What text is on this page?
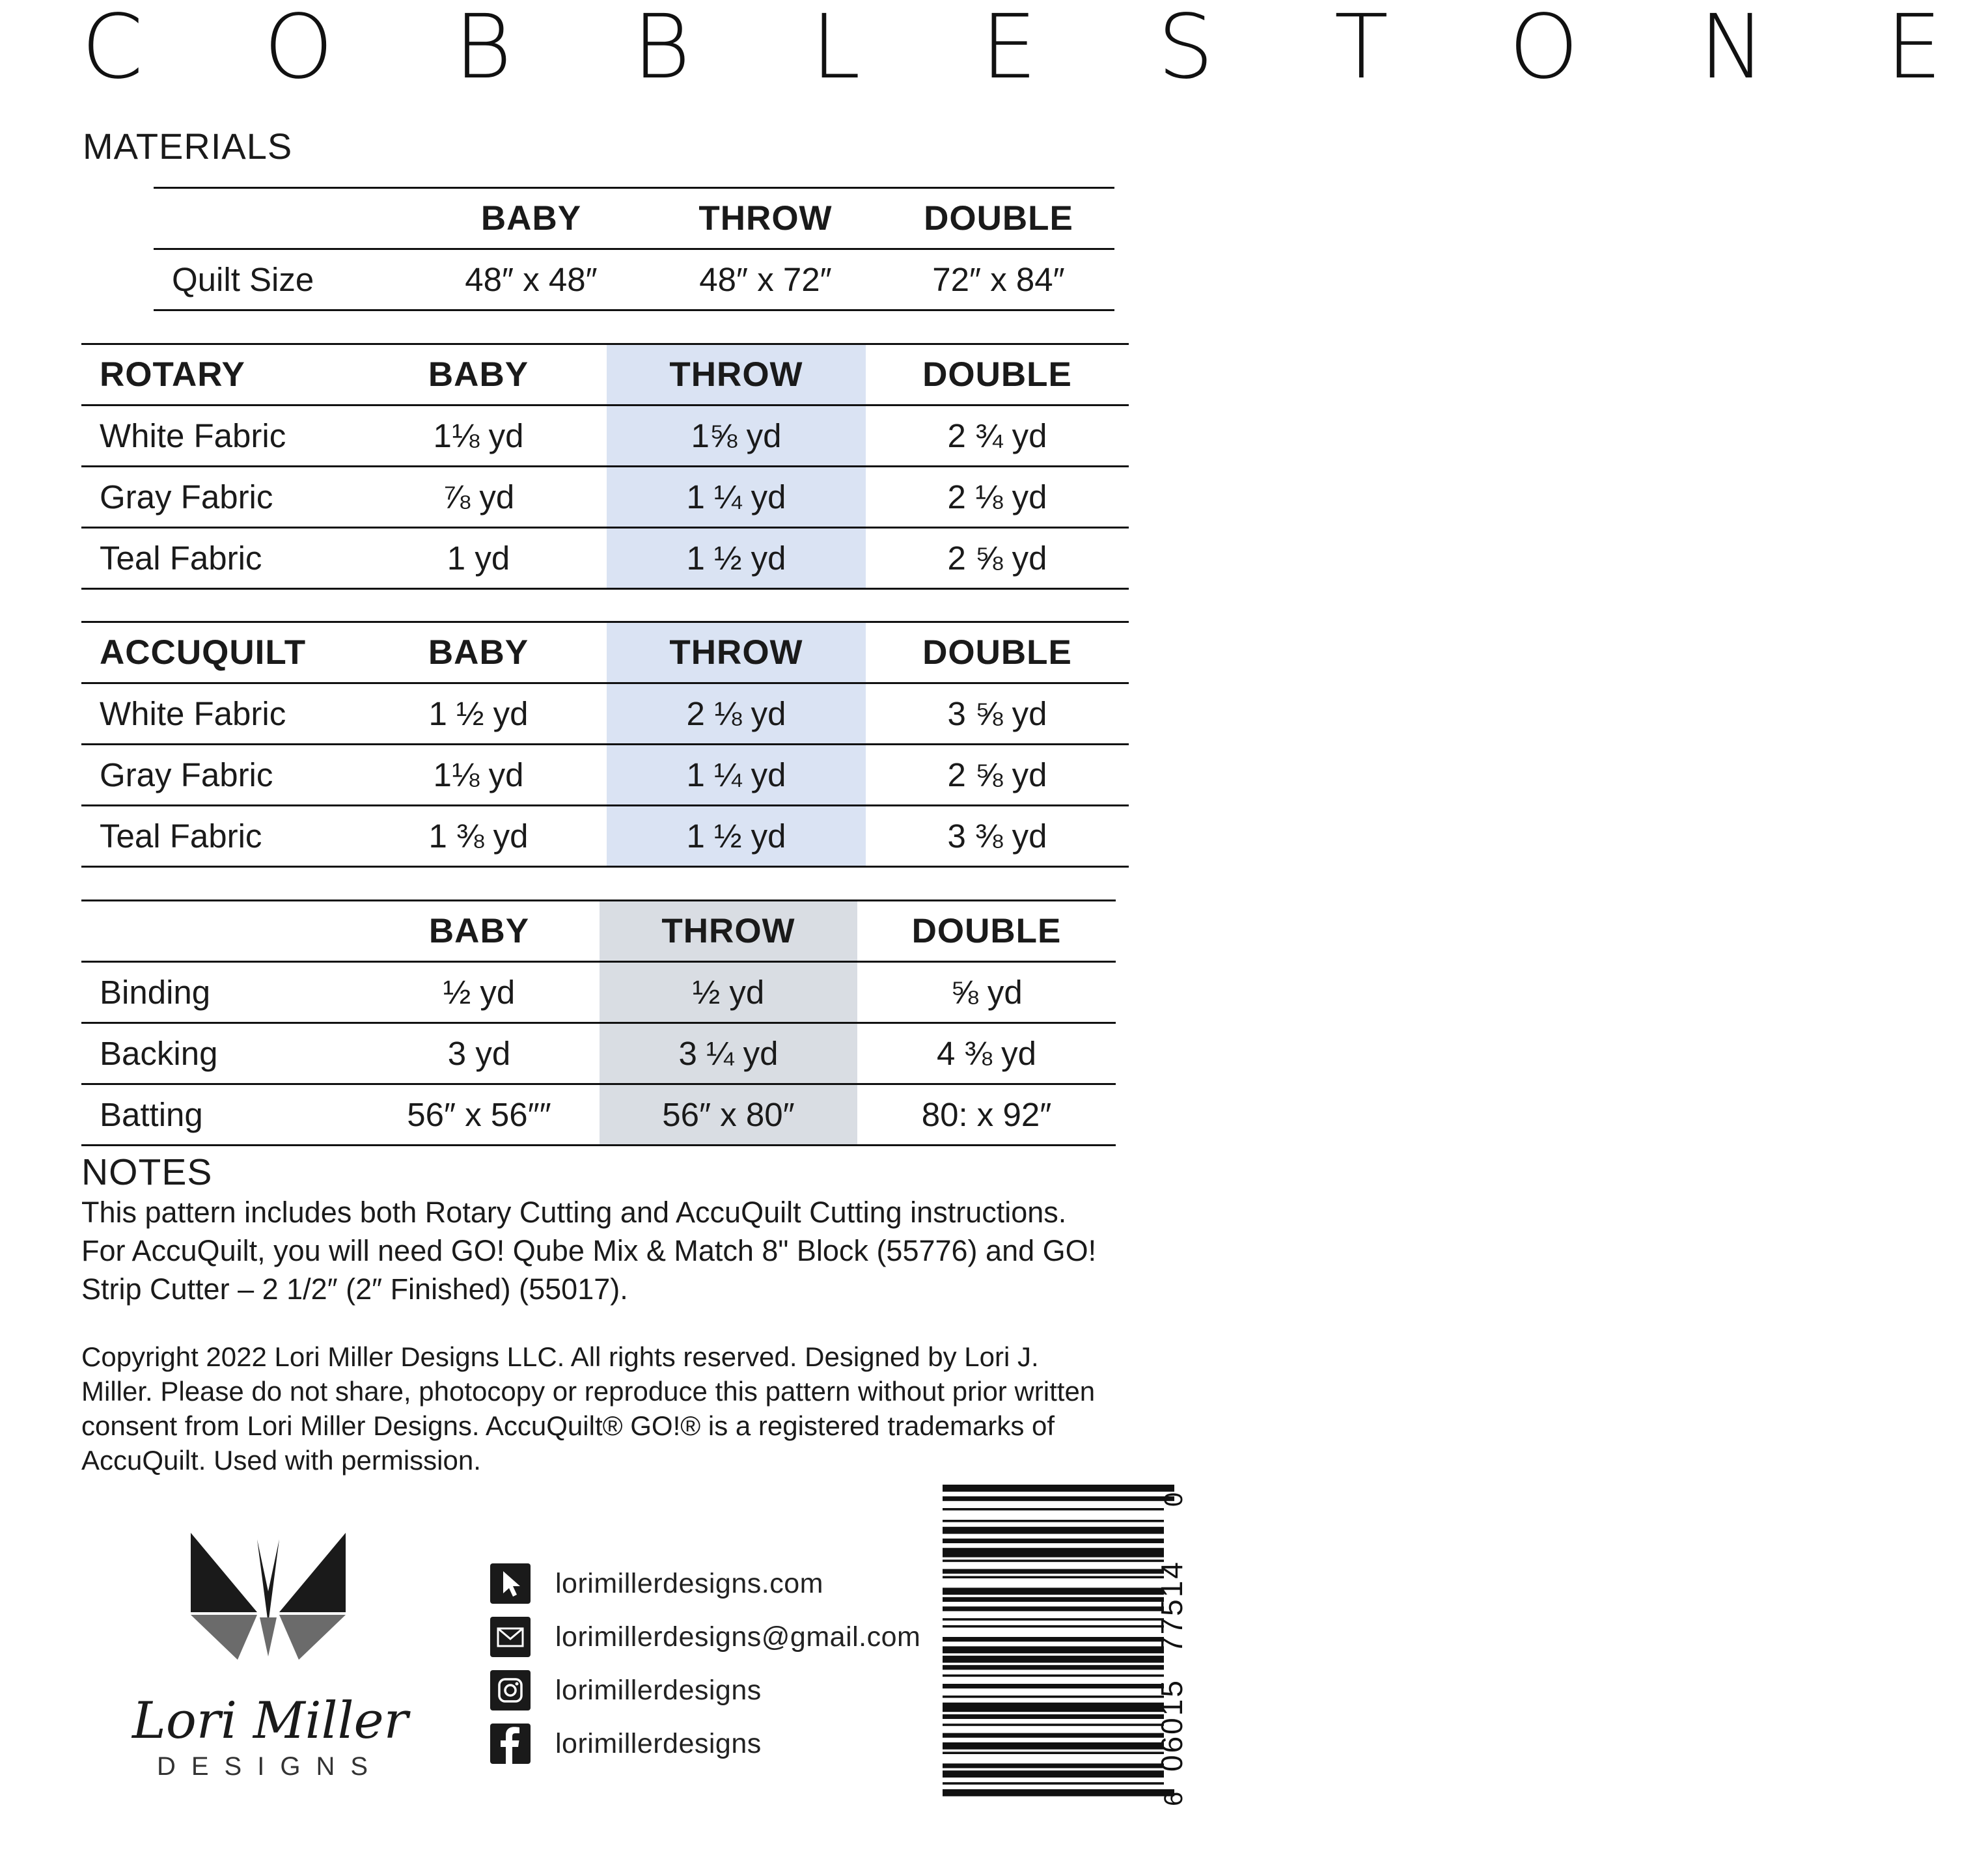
C O B B L E S T O N E
MATERIALS
	BABY	THROW	DOUBLE
Quilt Size	48″ x 48″	48″ x 72″	72″ x 84″
ROTARY	BABY	THROW	DOUBLE
White Fabric	1⅛ yd	1⅝ yd	2 ¾ yd
Gray Fabric	⅞ yd	1 ¼ yd	2 ⅛ yd
Teal Fabric	1 yd	1 ½ yd	2 ⅝ yd
ACCUQUILT	BABY	THROW	DOUBLE
White Fabric	1 ½ yd	2 ⅛ yd	3 ⅝ yd
Gray Fabric	1⅛ yd	1 ¼ yd	2 ⅝ yd
Teal Fabric	1 ⅜ yd	1 ½ yd	3 ⅜ yd
	BABY	THROW	DOUBLE
Binding	½ yd	½ yd	⅝ yd
Backing	3 yd	3 ¼ yd	4 ⅜ yd
Batting	56″ x 56″″	56″ x 80″	80: x 92″
NOTES
This pattern includes both Rotary Cutting and AccuQuilt Cutting instructions.
For AccuQuilt, you will need GO! Qube Mix & Match 8" Block (55776) and GO!
Strip Cutter – 2 1/2″ (2″ Finished) (55017).
Copyright 2022 Lori Miller Designs LLC. All rights reserved. Designed by Lori J.
Miller. Please do not share, photocopy or reproduce this pattern without prior written
consent from Lori Miller Designs. AccuQuilt® GO!® is a registered trademarks of
AccuQuilt. Used with permission.
Lori Miller
DESIGNS
lorimillerdesigns.com
lorimillerdesigns@gmail.com
lorimillerdesigns
lorimillerdesigns
6
06015
77514
0
